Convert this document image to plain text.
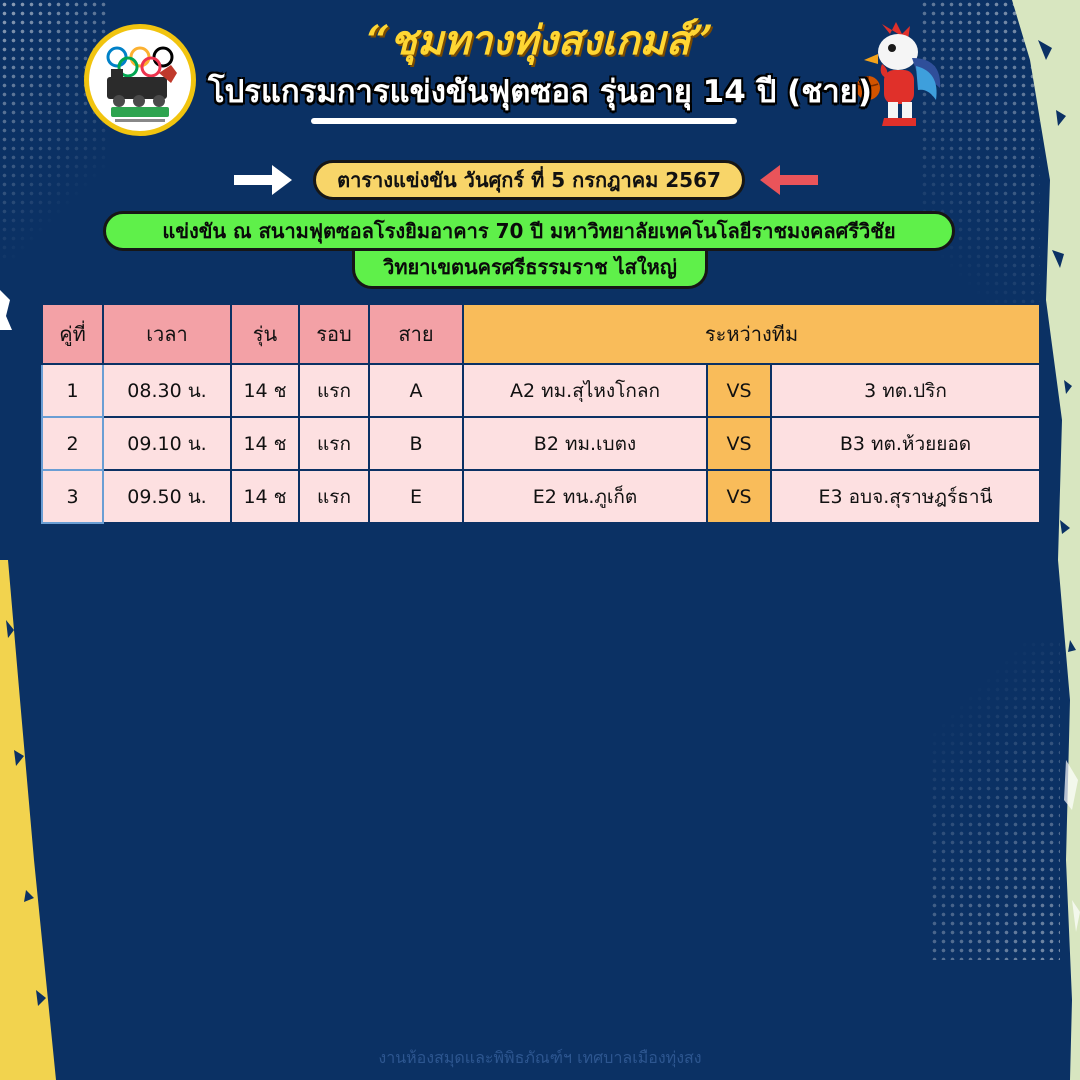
“ชุมทางทุ่งสงเกมส์”
โปรแกรมการแข่งขันฟุตซอล รุ่นอายุ 14 ปี (ชาย)
ตารางแข่งขัน วันศุกร์ ที่ 5 กรกฎาคม 2567
วิทยาเขตนครศรีธรรมราช ไสใหญ่
แข่งขัน ณ สนามฟุตซอลโรงยิมอาคาร 70 ปี มหาวิทยาลัยเทคโนโลยีราชมงคลศรีวิชัย
คู่ที่	เวลา	รุ่น	รอบ	สาย	ระหว่างทีม		
1	08.30 น.	14 ช	แรก	A	A2 ทม.สุไหงโกลก	VS	3 ทต.ปริก
2	09.10 น.	14 ช	แรก	B	B2 ทม.เบตง	VS	B3 ทต.ห้วยยอด
3	09.50 น.	14 ช	แรก	E	E2 ทน.ภูเก็ต	VS	E3 อบจ.สุราษฎร์ธานี
งานห้องสมุดและพิพิธภัณฑ์ฯ เทศบาลเมืองทุ่งสง
